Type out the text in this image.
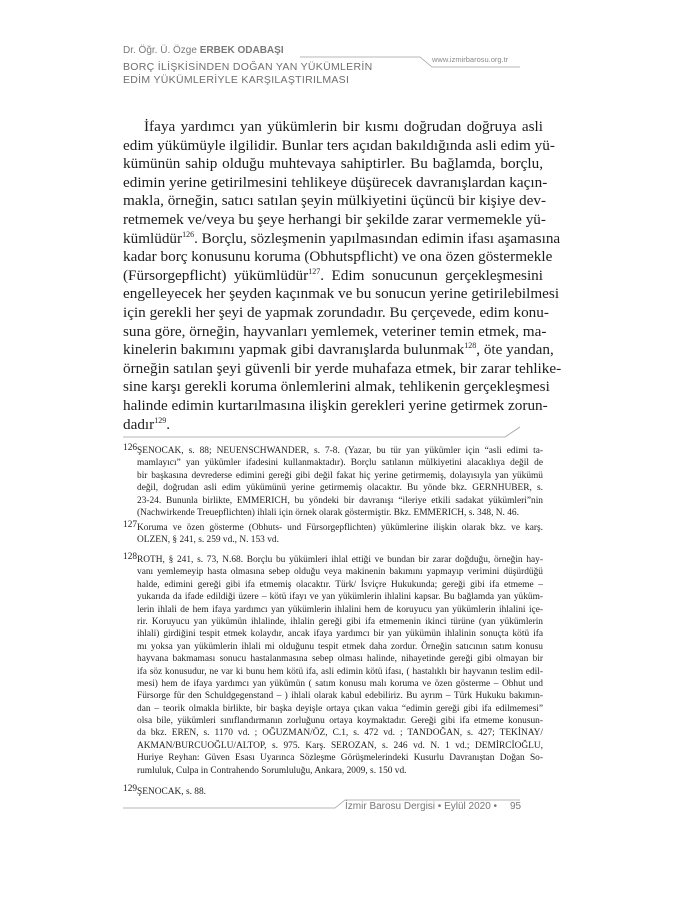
Dr. Öğr. Ü. Özge ERBEK ODABAŞI
BORÇ İLİŞKİSİNDEN DOĞAN YAN YÜKÜMLERİN
EDİM YÜKÜMLERİYLE KARŞILAŞTIRILMASI
www.izmirbarosu.org.tr
İfaya yardımcı yan yükümlerin bir kısmı doğrudan doğruya asli
edim yükümüyle ilgilidir. Bunlar ters açıdan bakıldığında asli edim yü-
kümünün sahip olduğu muhtevaya sahiptirler. Bu bağlamda, borçlu,
edimin yerine getirilmesini tehlikeye düşürecek davranışlardan kaçın-
makla, örneğin, satıcı satılan şeyin mülkiyetini üçüncü bir kişiye dev-
retmemek ve/veya bu şeye herhangi bir şekilde zarar vermemekle yü-
kümlüdür$^{126}$. Borçlu, sözleşmenin yapılmasından edimin ifası aşamasına
kadar borç konusunu koruma (Obhutspflicht) ve ona özen göstermekle
(Fürsorgepflicht) yükümlüdür$^{127}$. Edim sonucunun gerçekleşmesini
engelleyecek her şeyden kaçınmak ve bu sonucun yerine getirilebilmesi
için gerekli her şeyi de yapmak zorundadır. Bu çerçevede, edim konu-
suna göre, örneğin, hayvanları yemlemek, veteriner temin etmek, ma-
kinelerin bakımını yapmak gibi davranışlarda bulunmak$^{128}$, öte yandan,
örneğin satılan şeyi güvenli bir yerde muhafaza etmek, bir zarar tehlike-
sine karşı gerekli koruma önlemlerini almak, tehlikenin gerçekleşmesi
halinde edimin kurtarılmasına ilişkin gerekleri yerine getirmek zorun-
dadır$^{129}$.
126 ŞENOCAK, s. 88; NEUENSCHWANDER, s. 7-8. (Yazar, bu tür yan yükümler için “asli edimi ta-
mamlayıcı” yan yükümler ifadesini kullanmaktadır). Borçlu satılanın mülkiyetini alacaklıya değil de
bir başkasına devrederse edimini gereği gibi değil fakat hiç yerine getirmemiş, dolayısıyla yan yükümü
değil, doğrudan asli edim yükümünü yerine getirmemiş olacaktır. Bu yönde bkz. GERNHUBER, s.
23-24. Bununla birlikte, EMMERICH, bu yöndeki bir davranışı “ileriye etkili sadakat yükümleri”nin
(Nachwirkende Treuepflichten) ihlali için örnek olarak göstermiştir. Bkz. EMMERICH, s. 348, N. 46.
127 Koruma ve özen gösterme (Obhuts- und Fürsorgepflichten) yükümlerine ilişkin olarak bkz. ve karş.
OLZEN, § 241, s. 259 vd., N. 153 vd.
128 ROTH, § 241, s. 73, N.68. Borçlu bu yükümleri ihlal ettiği ve bundan bir zarar doğduğu, örneğin hay-
vanı yemlemeyip hasta olmasına sebep olduğu veya makinenin bakımını yapmayıp verimini düşürdüğü
halde, edimini gereği gibi ifa etmemiş olacaktır. Türk/ İsviçre Hukukunda; gereği gibi ifa etmeme –
yukarıda da ifade edildiği üzere – kötü ifayı ve yan yükümlerin ihlalini kapsar. Bu bağlamda yan yüküm-
lerin ihlali de hem ifaya yardımcı yan yükümlerin ihlalini hem de koruyucu yan yükümlerin ihlalini içe-
rir. Koruyucu yan yükümün ihlalinde, ihlalin gereği gibi ifa etmemenin ikinci türüne (yan yükümlerin
ihlali) girdiğini tespit etmek kolaydır, ancak ifaya yardımcı bir yan yükümün ihlalinin sonuçta kötü ifa
mı yoksa yan yükümlerin ihlali mi olduğunu tespit etmek daha zordur. Örneğin satıcının satım konusu
hayvana bakmaması sonucu hastalanmasına sebep olması halinde, nihayetinde gereği gibi olmayan bir
ifa söz konusudur, ne var ki bunu hem kötü ifa, asli edimin kötü ifası, ( hastalıklı bir hayvanın teslim edil-
mesi) hem de ifaya yardımcı yan yükümün ( satım konusu malı koruma ve özen gösterme – Obhut und
Fürsorge für den Schuldgegenstand – ) ihlali olarak kabul edebiliriz. Bu ayrım – Türk Hukuku bakımın-
dan – teorik olmakla birlikte, bir başka deyişle ortaya çıkan vakıa “edimin gereği gibi ifa edilmemesi”
olsa bile, yükümleri sınıflandırmanın zorluğunu ortaya koymaktadır. Gereği gibi ifa etmeme konusun-
da bkz. EREN, s. 1170 vd. ; OĞUZMAN/ÖZ, C.1, s. 472 vd. ; TANDOĞAN, s. 427; TEKİNAY/
AKMAN/BURCUOĞLU/ALTOP, s. 975. Karş. SEROZAN, s. 246 vd. N. 1 vd.; DEMİRCİOĞLU,
Huriye Reyhan: Güven Esası Uyarınca Sözleşme Görüşmelerindeki Kusurlu Davranıştan Doğan So-
rumluluk, Culpa in Contrahendo Sorumluluğu, Ankara, 2009, s. 150 vd.
129 ŞENOCAK, s. 88.
İzmir Barosu Dergisi • Eylül 2020 • 95
